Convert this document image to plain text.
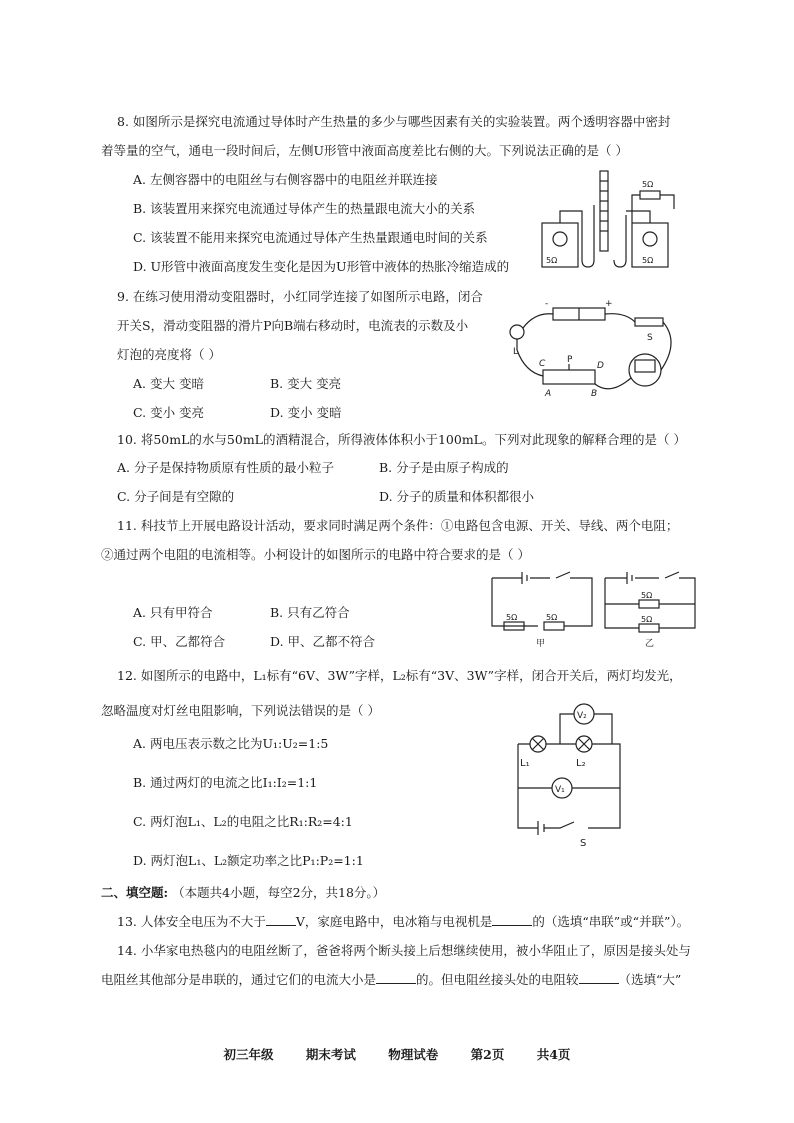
8. 如图所示是探究电流通过导体时产生热量的多少与哪些因素有关的实验装置。两个透明容器中密封
着等量的空气，通电一段时间后，左侧U形管中液面高度差比右侧的大。下列说法正确的是（ ）
A. 左侧容器中的电阻丝与右侧容器中的电阻丝并联连接
B. 该装置用来探究电流通过导体产生的热量跟电流大小的关系
C. 该装置不能用来探究电流通过导体产生热量跟通电时间的关系
D. U形管中液面高度发生变化是因为U形管中液体的热胀冷缩造成的	5Ω	5Ω
5Ω
9. 在练习使用滑动变阻器时，小红同学连接了如图所示电路，闭合
开关S，滑动变阻器的滑片P向B端右移动时，电流表的示数及小
灯泡的亮度将（ ）
A. 变大 变暗	B. 变大 变亮
C. 变小 变亮	D. 变小 变暗
-	+
S
L
C P
D
A	B
10. 将50mL的水与50mL的酒精混合，所得液体体积小于100mL。下列对此现象的解释合理的是（ ）
A. 分子是保持物质原有性质的最小粒子	B. 分子是由原子构成的
C. 分子间是有空隙的	D. 分子的质量和体积都很小
11. 科技节上开展电路设计活动，要求同时满足两个条件：①电路包含电源、开关、导线、两个电阻；
②通过两个电阻的电流相等。小柯设计的如图所示的电路中符合要求的是（ ）
A. 只有甲符合	B. 只有乙符合
C. 甲、乙都符合	D. 甲、乙都不符合
5Ω	5Ω
甲
5Ω
5Ω
乙
12. 如图所示的电路中，L₁标有“6V、3W”字样，L₂标有“3V、3W”字样，闭合开关后，两灯均发光，
忽略温度对灯丝电阻影响，下列说法错误的是（ ）
A. 两电压表示数之比为U₁:U₂=1:5
B. 通过两灯的电流之比I₁:I₂=1:1
C. 两灯泡L₁、L₂的电阻之比R₁:R₂=4:1
D. 两灯泡L₁、L₂额定功率之比P₁:P₂=1:1
V₂
L₁	L₂
V₁
S
二、填空题: （本题共4小题，每空2分，共18分。）
13. 人体安全电压为不大于 V，家庭电路中，电冰箱与电视机是	的（选填“串联”或“并联”）。
14. 小华家电热毯内的电阻丝断了，爸爸将两个断头接上后想继续使用，被小华阻止了，原因是接头处与
电阻丝其他部分是串联的，通过它们的电流大小是	的。但电阻丝接头处的电阻较	（选填“大”
初三年级	期末考试	物理试卷	第2页	共4页
